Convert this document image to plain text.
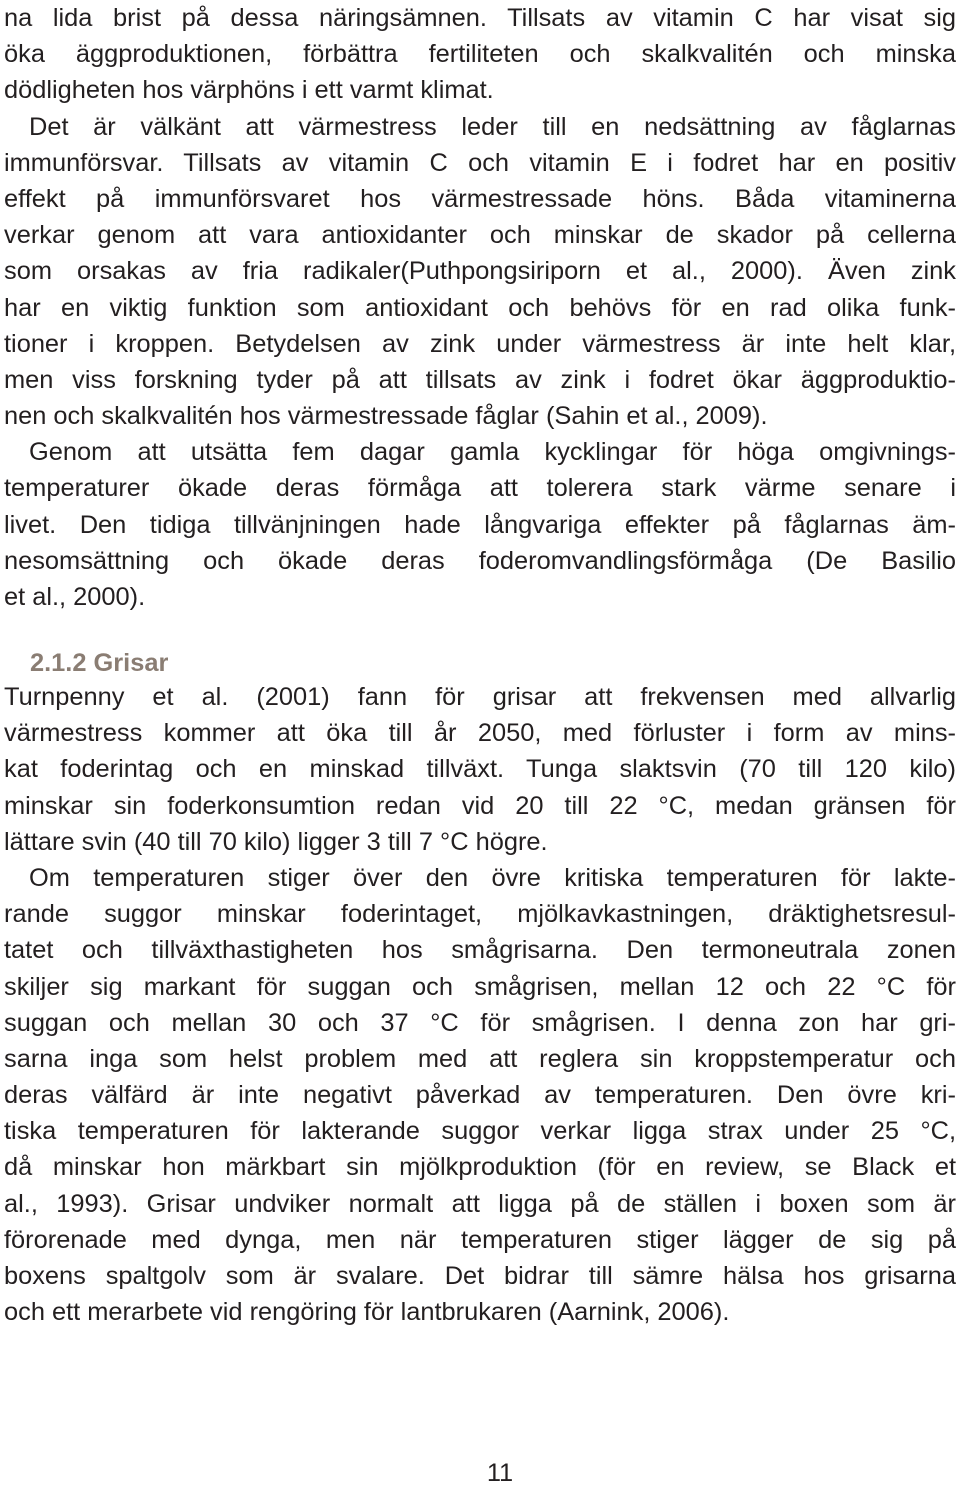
na lida brist på dessa näringsämnen. Tillsats av vitamin C har visat sig
öka äggproduktionen, förbättra fertiliteten och skalkvalitén och minska
dödligheten hos värphöns i ett varmt klimat.
Det är välkänt att värmestress leder till en nedsättning av fåglarnas
immunförsvar. Tillsats av vitamin C och vitamin E i fodret har en positiv
effekt på immunförsvaret hos värmestressade höns. Båda vitaminerna
verkar genom att vara antioxidanter och minskar de skador på cellerna
som orsakas av fria radikaler(Puthpongsiriporn et al., 2000). Även zink
har en viktig funktion som antioxidant och behövs för en rad olika funk-
tioner i kroppen. Betydelsen av zink under värmestress är inte helt klar,
men viss forskning tyder på att tillsats av zink i fodret ökar äggproduktio-
nen och skalkvalitén hos värmestressade fåglar (Sahin et al., 2009).
Genom att utsätta fem dagar gamla kycklingar för höga omgivnings-
temperaturer ökade deras förmåga att tolerera stark värme senare i
livet. Den tidiga tillvänjningen hade långvariga effekter på fåglarnas äm-
nesomsättning och ökade deras foderomvandlingsförmåga (De Basilio
et al., 2000).
2.1.2 Grisar
Turnpenny et al. (2001) fann för grisar att frekvensen med allvarlig
värmestress kommer att öka till år 2050, med förluster i form av mins-
kat foderintag och en minskad tillväxt. Tunga slaktsvin (70 till 120 kilo)
minskar sin foderkonsumtion redan vid 20 till 22 °C, medan gränsen för
lättare svin (40 till 70 kilo) ligger 3 till 7 °C högre.
Om temperaturen stiger över den övre kritiska temperaturen för lakte-
rande suggor minskar foderintaget, mjölkavkastningen, dräktighetsresul-
tatet och tillväxthastigheten hos smågrisarna. Den termoneutrala zonen
skiljer sig markant för suggan och smågrisen, mellan 12 och 22 °C för
suggan och mellan 30 och 37 °C för smågrisen. I denna zon har gri-
sarna inga som helst problem med att reglera sin kroppstemperatur och
deras välfärd är inte negativt påverkad av temperaturen. Den övre kri-
tiska temperaturen för lakterande suggor verkar ligga strax under 25 °C,
då minskar hon märkbart sin mjölkproduktion (för en review, se Black et
al., 1993). Grisar undviker normalt att ligga på de ställen i boxen som är
förorenade med dynga, men när temperaturen stiger lägger de sig på
boxens spaltgolv som är svalare. Det bidrar till sämre hälsa hos grisarna
och ett merarbete vid rengöring för lantbrukaren (Aarnink, 2006).
11
